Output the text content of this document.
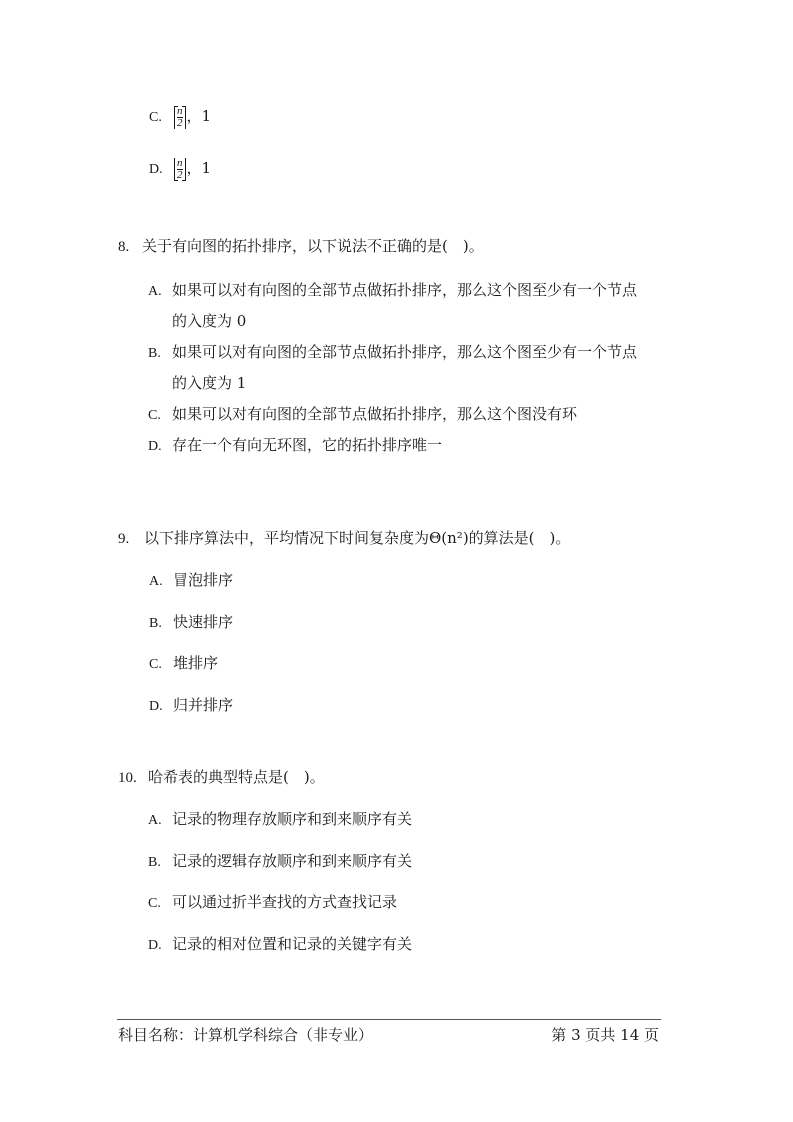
C. $\frac{n}{2}$ ，1
D. $\frac{n}{2}$ ，1
8. 关于有向图的拓扑排序，以下说法不正确的是(　)。
A. 如果可以对有向图的全部节点做拓扑排序，那么这个图至少有一个节点
的入度为 0
B. 如果可以对有向图的全部节点做拓扑排序，那么这个图至少有一个节点
的入度为 1
C. 如果可以对有向图的全部节点做拓扑排序，那么这个图没有环
D. 存在一个有向无环图，它的拓扑排序唯一
9. 以下排序算法中，平均情况下时间复杂度为Θ(n²)的算法是(　)。
A. 冒泡排序
B. 快速排序
C. 堆排序
D. 归并排序
10. 哈希表的典型特点是(　)。
A. 记录的物理存放顺序和到来顺序有关
B. 记录的逻辑存放顺序和到来顺序有关
C. 可以通过折半查找的方式查找记录
D. 记录的相对位置和记录的关键字有关
科目名称：计算机学科综合（非专业）	第 3 页共 14 页
